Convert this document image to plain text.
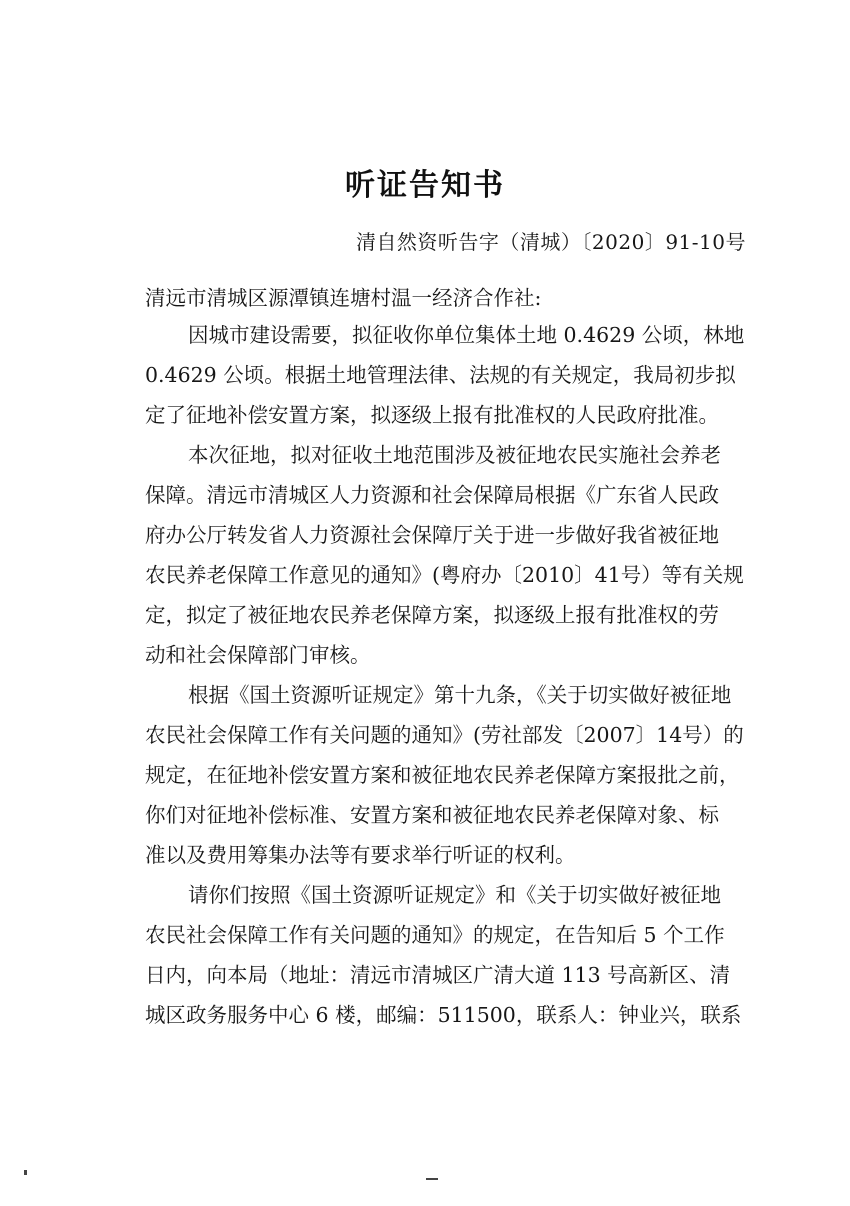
听证告知书
清自然资听告字（清城）〔2020〕91-10号
清远市清城区源潭镇连塘村温一经济合作社:
因城市建设需要，拟征收你单位集体土地 0.4629 公顷，林地
0.4629 公顷。根据土地管理法律、法规的有关规定，我局初步拟
定了征地补偿安置方案，拟逐级上报有批准权的人民政府批准。
本次征地，拟对征收土地范围涉及被征地农民实施社会养老
保障。清远市清城区人力资源和社会保障局根据《广东省人民政
府办公厅转发省人力资源社会保障厅关于进一步做好我省被征地
农民养老保障工作意见的通知》(粤府办〔2010〕41号）等有关规
定，拟定了被征地农民养老保障方案，拟逐级上报有批准权的劳
动和社会保障部门审核。
根据《国土资源听证规定》第十九条，《关于切实做好被征地
农民社会保障工作有关问题的通知》(劳社部发〔2007〕14号）的
规定，在征地补偿安置方案和被征地农民养老保障方案报批之前，
你们对征地补偿标准、安置方案和被征地农民养老保障对象、标
准以及费用筹集办法等有要求举行听证的权利。
请你们按照《国土资源听证规定》和《关于切实做好被征地
农民社会保障工作有关问题的通知》的规定，在告知后 5 个工作
日内，向本局（地址：清远市清城区广清大道 113 号高新区、清
城区政务服务中心 6 楼，邮编：511500，联系人：钟业兴，联系
